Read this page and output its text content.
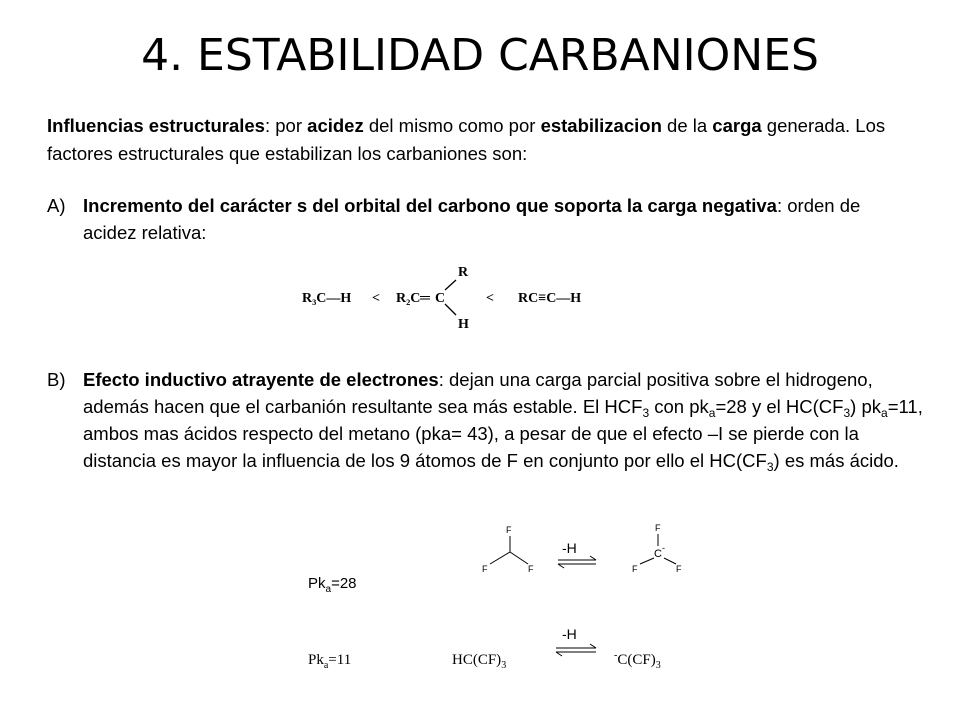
4. ESTABILIDAD CARBANIONES
Influencias estructurales: por acidez del mismo como por estabilizacion de la carga generada. Los factores estructurales que estabilizan los carbaniones son:
A) Incremento del carácter s del orbital del carbono que soporta la carga negativa: orden de acidez relativa:
R₃C—H < R₂C ═ C
R
H
< RC≡C—H
B) Efecto inductivo atrayente de electrones: dejan una carga parcial positiva sobre el hidrogeno, además hacen que el carbanión resultante sea más estable. El $HCF_3$ con $pk_a=28$ y el $HC(CF_3)$ $pk_a=11$, ambos mas ácidos respecto del metano (pka= 43), a pesar de que el efecto –I se pierde con la distancia es mayor la influencia de los 9 átomos de F en conjunto por ello el $HC(CF_3)$ es más ácido.
$Pk_a=28$
F
F	F
-H
F
C -
F	F
$Pk_a=11$	$HC(CF)_3$
-H
$^-C(CF)_3$
